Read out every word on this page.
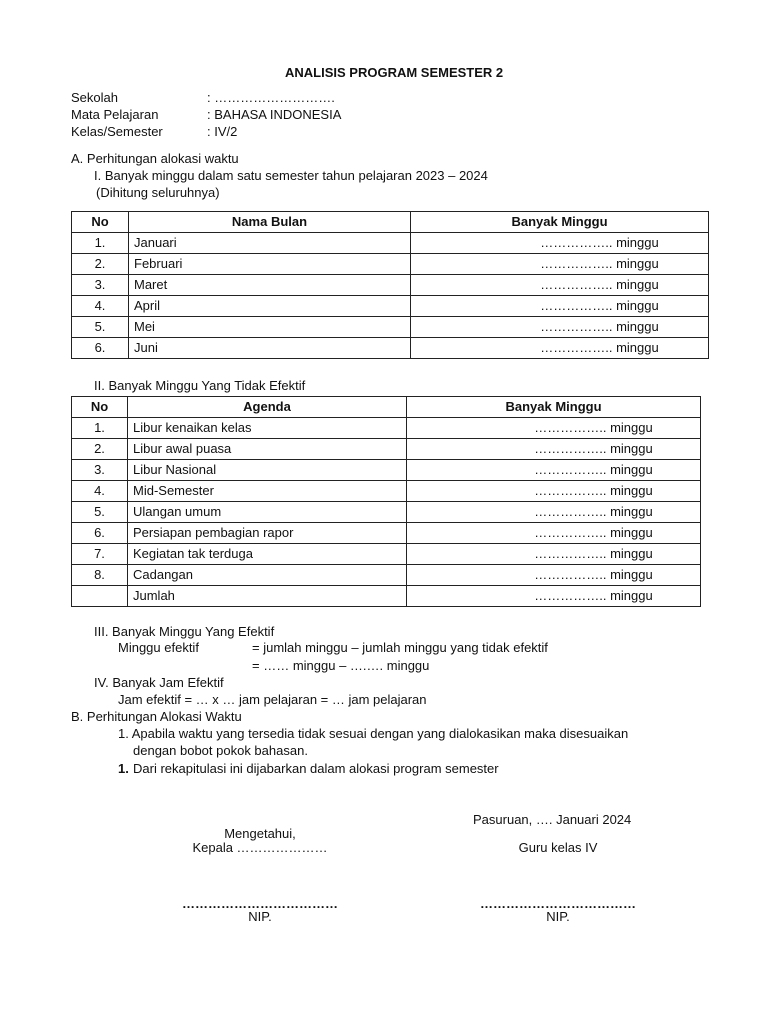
ANALISIS PROGRAM SEMESTER 2
Sekolah	: ……………………….
Mata Pelajaran	: BAHASA INDONESIA
Kelas/Semester	: IV/2
A. Perhitungan alokasi waktu
I. Banyak minggu dalam satu semester tahun pelajaran 2023 – 2024
(Dihitung seluruhnya)
No	Nama Bulan	Banyak Minggu
1.	Januari	…………….. minggu
2.	Februari	…………….. minggu
3.	Maret	…………….. minggu
4.	April	…………….. minggu
5.	Mei	…………….. minggu
6.	Juni	…………….. minggu
II. Banyak Minggu Yang Tidak Efektif
No	Agenda	Banyak Minggu
1.	Libur kenaikan kelas	…………….. minggu
2.	Libur awal puasa	…………….. minggu
3.	Libur Nasional	…………….. minggu
4.	Mid-Semester	…………….. minggu
5.	Ulangan umum	…………….. minggu
6.	Persiapan pembagian rapor	…………….. minggu
7.	Kegiatan tak terduga	…………….. minggu
8.	Cadangan	…………….. minggu
	Jumlah	…………….. minggu
III. Banyak Minggu Yang Efektif
Minggu efektif	= jumlah minggu – jumlah minggu yang tidak efektif
= …… minggu – ….…. minggu
IV. Banyak Jam Efektif
Jam efektif = … x … jam pelajaran = … jam pelajaran
B. Perhitungan Alokasi Waktu
1. Apabila waktu yang tersedia tidak sesuai dengan yang dialokasikan maka disesuaikan
dengan bobot pokok bahasan.
1. Dari rekapitulasi ini dijabarkan dalam alokasi program semester
Pasuruan, …. Januari 2024
Mengetahui,
Kepala …………………	Guru kelas IV
………………………………	………………………………
NIP.	NIP.
